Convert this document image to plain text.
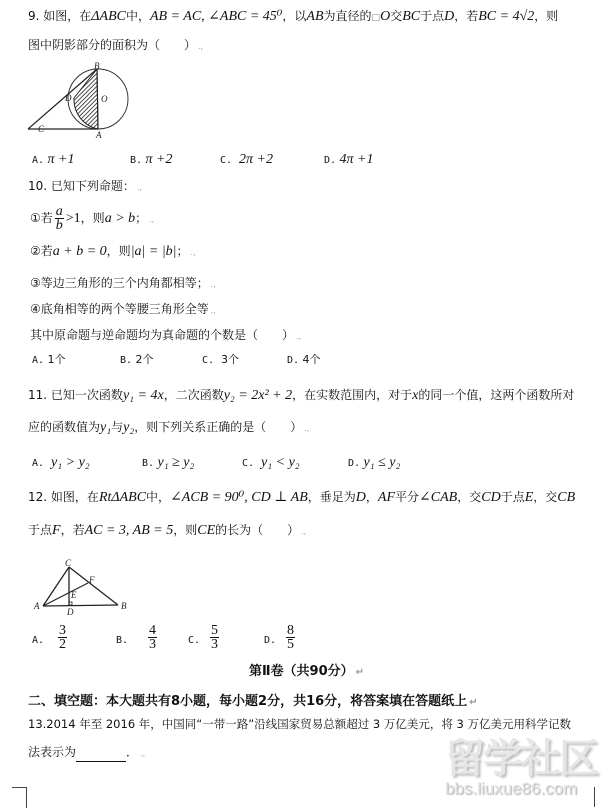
9. 如图，在ΔABC中，AB = AC, ∠ABC = 45⁰，以AB为直径的□O交BC于点D，若BC = 4√2，则
图中阴影部分的面积为（　　） .,
B
D	O
C
A
A. π +1	B. π +2	C. 2π +2	D. 4π +1
10. 已知下列命题： .,
①若 $\frac{a}{b} >1$，则a > b； .,
②若a + b = 0，则|a| = |b|； .,
③等边三角形的三个内角都相等； .,
④底角相等的两个等腰三角形全等 .,
其中原命题与逆命题均为真命题的个数是（　　） .,
A. 1个	B. 2个	C. 3个	D. 4个
11. 已知一次函数y₁ = 4x，二次函数y₂ = 2x² + 2，在实数范围内，对于x的同一个值，这两个函数所对
应的函数值为y₁与y₂，则下列关系正确的是（　　） .,
A. y₁ > y₂	B. y₁ ≥ y₂	C. y₁ < y₂	D. y₁ ≤ y₂
12. 如图，在RtΔABC中，∠ACB = 90⁰, CD ⊥ AB，垂足为D，AF平分∠CAB，交CD于点E，交CB
于点F，若AC = 3, AB = 5，则CE的长为（　　） .,
C
F
E
A
D
B
A. $\frac{3}{2}$	B. $\frac{4}{3}$	C. $\frac{5}{3}$	D. $\frac{8}{5}$
第Ⅱ卷（共90分） ↵
二、填空题：本大题共有8小题，每小题2分，共16分，将答案填在答题纸上 ↵
13.2014 年至 2016 年，中国同“一带一路”沿线国家贸易总额超过 3 万亿美元，将 3 万亿美元用科学记数
法表示为	． .,	留学社区
bbs.liuxue86.com
